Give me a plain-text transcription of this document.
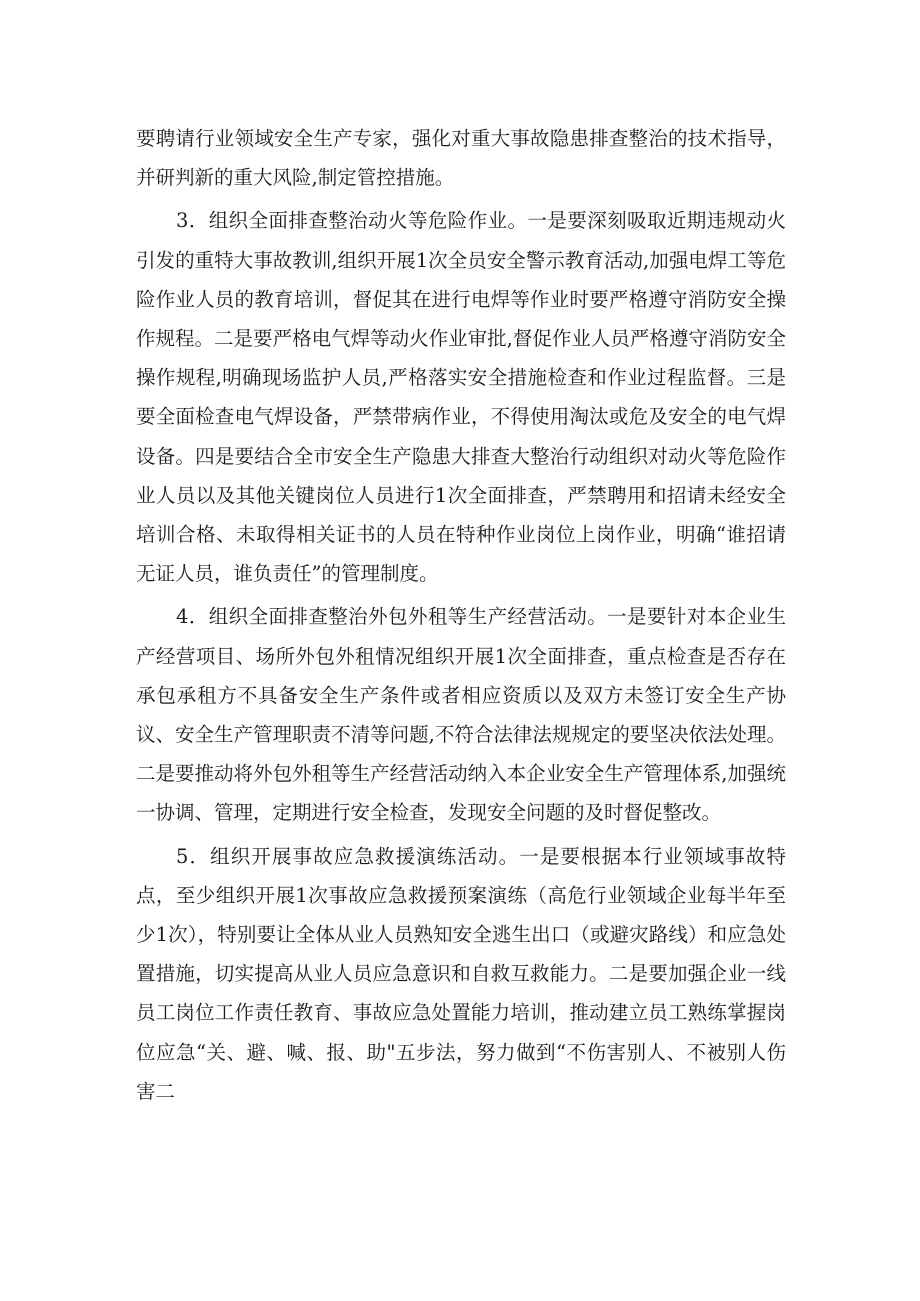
要聘请行业领域安全生产专家，强化对重大事故隐患排查整治的技术指导，并研判新的重大风险,制定管控措施。

3．组织全面排查整治动火等危险作业。一是要深刻吸取近期违规动火引发的重特大事故教训,组织开展1次全员安全警示教育活动,加强电焊工等危险作业人员的教育培训，督促其在进行电焊等作业时要严格遵守消防安全操作规程。二是要严格电气焊等动火作业审批,督促作业人员严格遵守消防安全操作规程,明确现场监护人员,严格落实安全措施检查和作业过程监督。三是要全面检查电气焊设备，严禁带病作业，不得使用淘汰或危及安全的电气焊设备。四是要结合全市安全生产隐患大排查大整治行动组织对动火等危险作业人员以及其他关键岗位人员进行1次全面排查，严禁聘用和招请未经安全培训合格、未取得相关证书的人员在特种作业岗位上岗作业，明确“谁招请无证人员，谁负责任”的管理制度。

4．组织全面排查整治外包外租等生产经营活动。一是要针对本企业生产经营项目、场所外包外租情况组织开展1次全面排查，重点检查是否存在承包承租方不具备安全生产条件或者相应资质以及双方未签订安全生产协议、安全生产管理职责不清等问题,不符合法律法规规定的要坚决依法处理。二是要推动将外包外租等生产经营活动纳入本企业安全生产管理体系,加强统一协调、管理，定期进行安全检查，发现安全问题的及时督促整改。

5．组织开展事故应急救援演练活动。一是要根据本行业领域事故特点，至少组织开展1次事故应急救援预案演练（高危行业领域企业每半年至少1次），特别要让全体从业人员熟知安全逃生出口（或避灾路线）和应急处置措施，切实提高从业人员应急意识和自救互救能力。二是要加强企业一线员工岗位工作责任教育、事故应急处置能力培训，推动建立员工熟练掌握岗位应急“关、避、喊、报、助"五步法，努力做到“不伤害别人、不被别人伤害二
